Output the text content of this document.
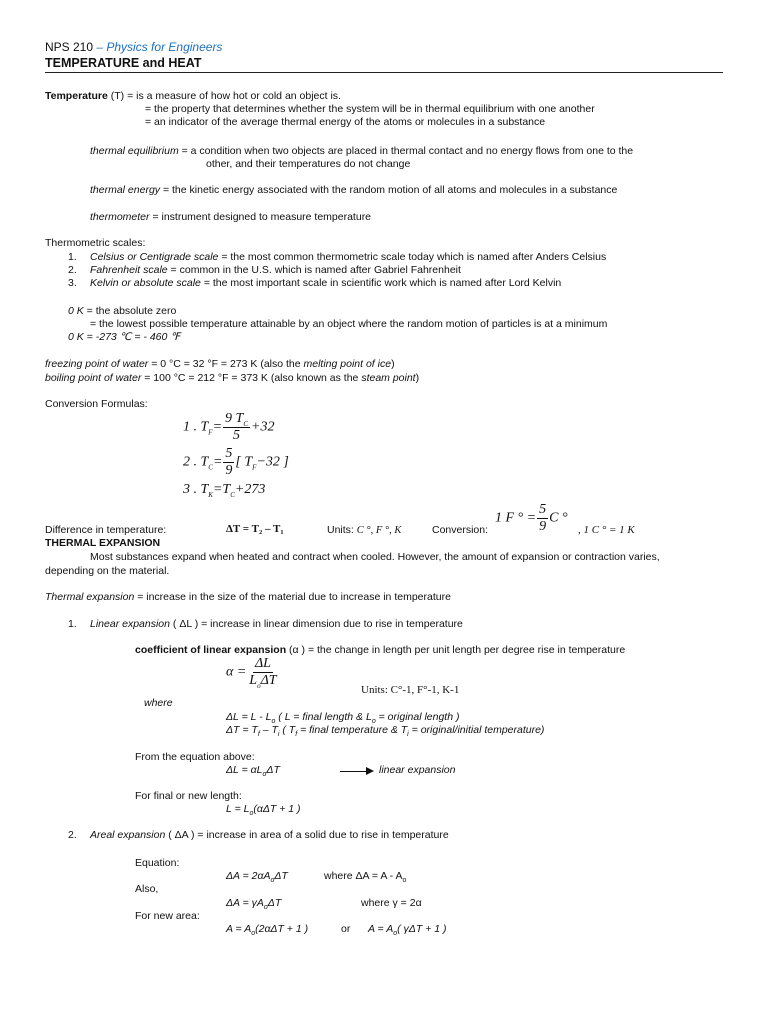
NPS 210 – Physics for Engineers
TEMPERATURE and HEAT
Temperature (T) = is a measure of how hot or cold an object is.
= the property that determines whether the system will be in thermal equilibrium with one another
= an indicator of the average thermal energy of the atoms or molecules in a substance
thermal equilibrium = a condition when two objects are placed in thermal contact and no energy flows from one to the
other, and their temperatures do not change
thermal energy = the kinetic energy associated with the random motion of all atoms and molecules in a substance
thermometer = instrument designed to measure temperature
Thermometric scales:
1. Celsius or Centigrade scale = the most common thermometric scale today which is named after Anders Celsius
2. Fahrenheit scale = common in the U.S. which is named after Gabriel Fahrenheit
3. Kelvin or absolute scale = the most important scale in scientific work which is named after Lord Kelvin
0 K = the absolute zero
= the lowest possible temperature attainable by an object where the random motion of particles is at a minimum
0 K = -273 ℃ = - 460 ℉
freezing point of water = 0 °C = 32 °F = 273 K (also the melting point of ice)
boiling point of water = 100 °C = 212 °F = 373 K (also known as the steam point)
Conversion Formulas:
1 . $T_F= \frac{9 T_C}{5} +32$
2 . $T_C= \frac{5}{9}$ [ $T_F-32$ ]
3 . $T_K=T_C+273$
Difference in temperature:	ΔT = T₂ – T₁	Units: C °, F °, K	Conversion:
1 F ° = $\frac{5}{9}$ C °
, 1 C ° = 1 K
THERMAL EXPANSION
Most substances expand when heated and contract when cooled. However, the amount of expansion or contraction varies,
depending on the material.
Thermal expansion = increase in the size of the material due to increase in temperature
1. Linear expansion ( ΔL ) = increase in linear dimension due to rise in temperature
coefficient of linear expansion (α ) = the change in length per unit length per degree rise in temperature
$\alpha = \frac{\Delta L}{L_o\Delta T}$
Units: C°-1, F°-1, K-1
where
$\Delta L = L - L_o$ ( L = final length & $L_o$ = original length )
$\Delta T = T_f - T_i$ ( $T_f$ = final temperature & $T_i$ = original/initial temperature)
From the equation above:
$\Delta L = \alpha L_o\Delta T$	linear expansion
For final or new length:
$L = L_o(\alpha\Delta T + 1$ )
2. Areal expansion ( ΔA ) = increase in area of a solid due to rise in temperature
Equation:
$\Delta A = 2\alpha A_o\Delta T$	where $\Delta A = A - A_o$
Also,
$\Delta A = \gamma A_o\Delta T$	where γ = 2α
For new area:
$A = A_o(2\alpha\Delta T + 1$ )	or $A = A_o$( γΔT + 1 )
